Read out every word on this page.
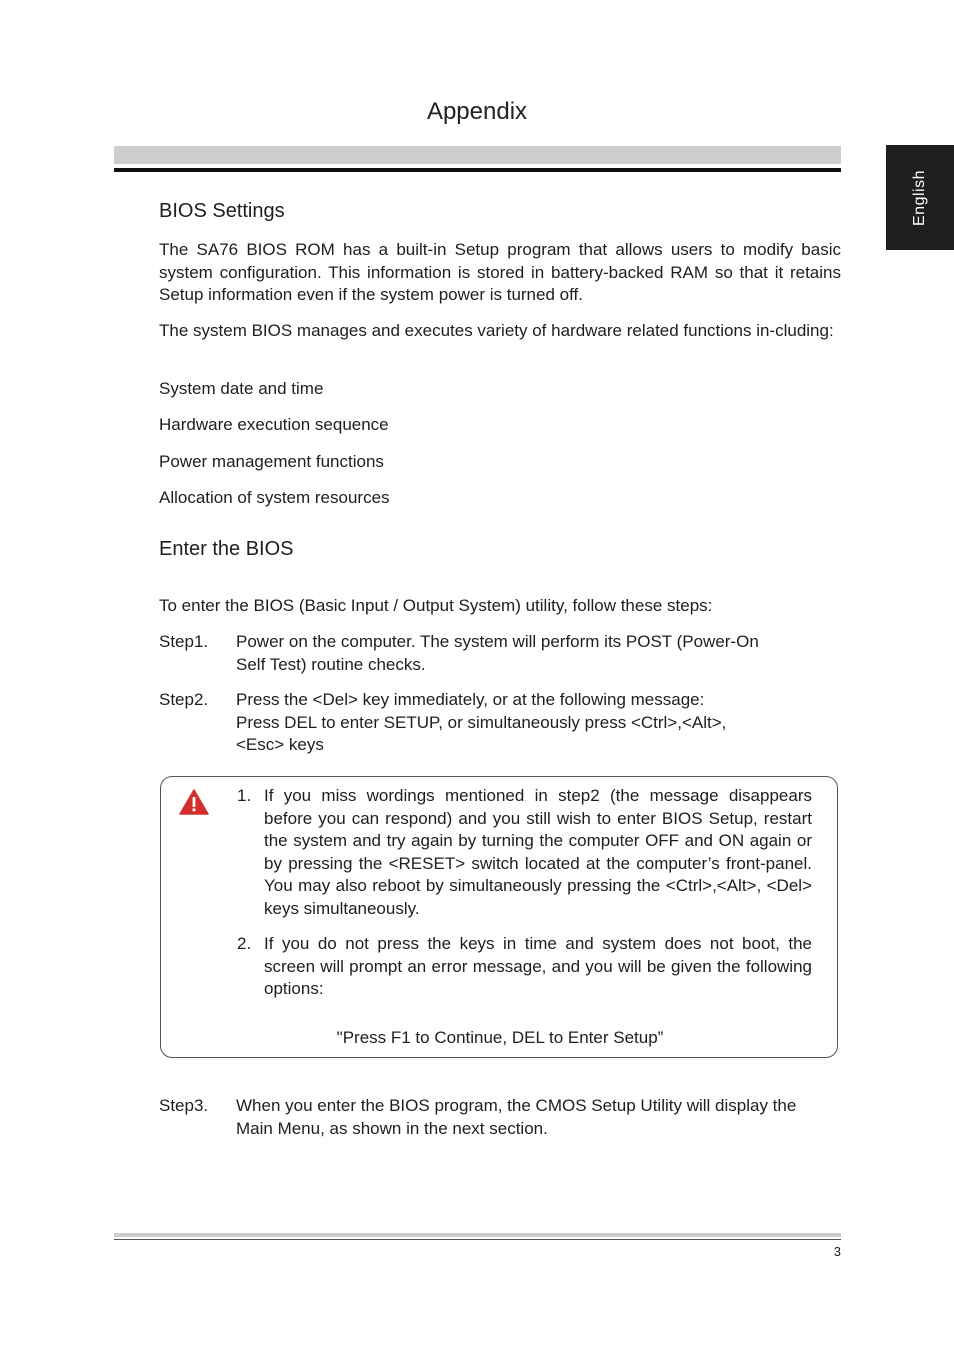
Appendix
English
BIOS Settings

The SA76 BIOS ROM has a built-in Setup program that allows users to modify basic system configuration. This information is stored in battery-backed RAM so that it retains Setup information even if the system power is turned off.

The system BIOS manages and executes variety of hardware related functions in-cluding:

System date and time

Hardware execution sequence

Power management functions

Allocation of system resources

Enter the BIOS

To enter the BIOS (Basic Input / Output System) utility, follow these steps:

Step1. Power on the computer. The system will perform its POST (Power-On
Self Test) routine checks.
Step2. Press the <Del> key immediately, or at the following message:
Press DEL to enter SETUP, or simultaneously press <Ctrl>,<Alt>,
<Esc> keys
1. If you miss wordings mentioned in step2 (the message disappears before you can respond) and you still wish to enter BIOS Setup, restart the system and try again by turning the computer OFF and ON again or by pressing the <RESET> switch located at the computer’s front-panel. You may also reboot by simultaneously pressing the <Ctrl>,<Alt>, <Del> keys simultaneously.
2. If you do not press the keys in time and system does not boot, the screen will prompt an error message, and you will be given the following options:
"Press F1 to Continue, DEL to Enter Setup”
Step3. When you enter the BIOS program, the CMOS Setup Utility will display the
Main Menu, as shown in the next section.
3
